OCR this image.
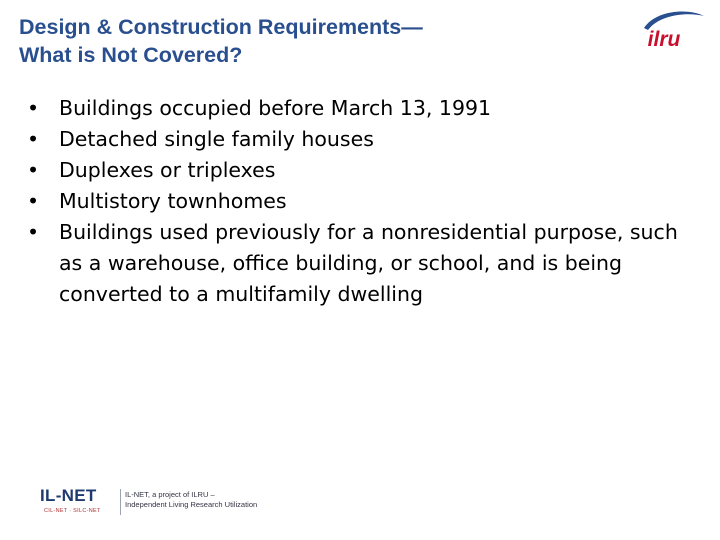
Design & Construction Requirements—
What is Not Covered?
ilru
• Buildings occupied before March 13, 1991
• Detached single family houses
• Duplexes or triplexes
• Multistory townhomes
• Buildings used previously for a nonresidential purpose, such as a warehouse, office building, or school, and is being converted to a multifamily dwelling
IL-NET
CIL-NET · SILC-NET
IL-NET, a project of ILRU –
Independent Living Research Utilization
